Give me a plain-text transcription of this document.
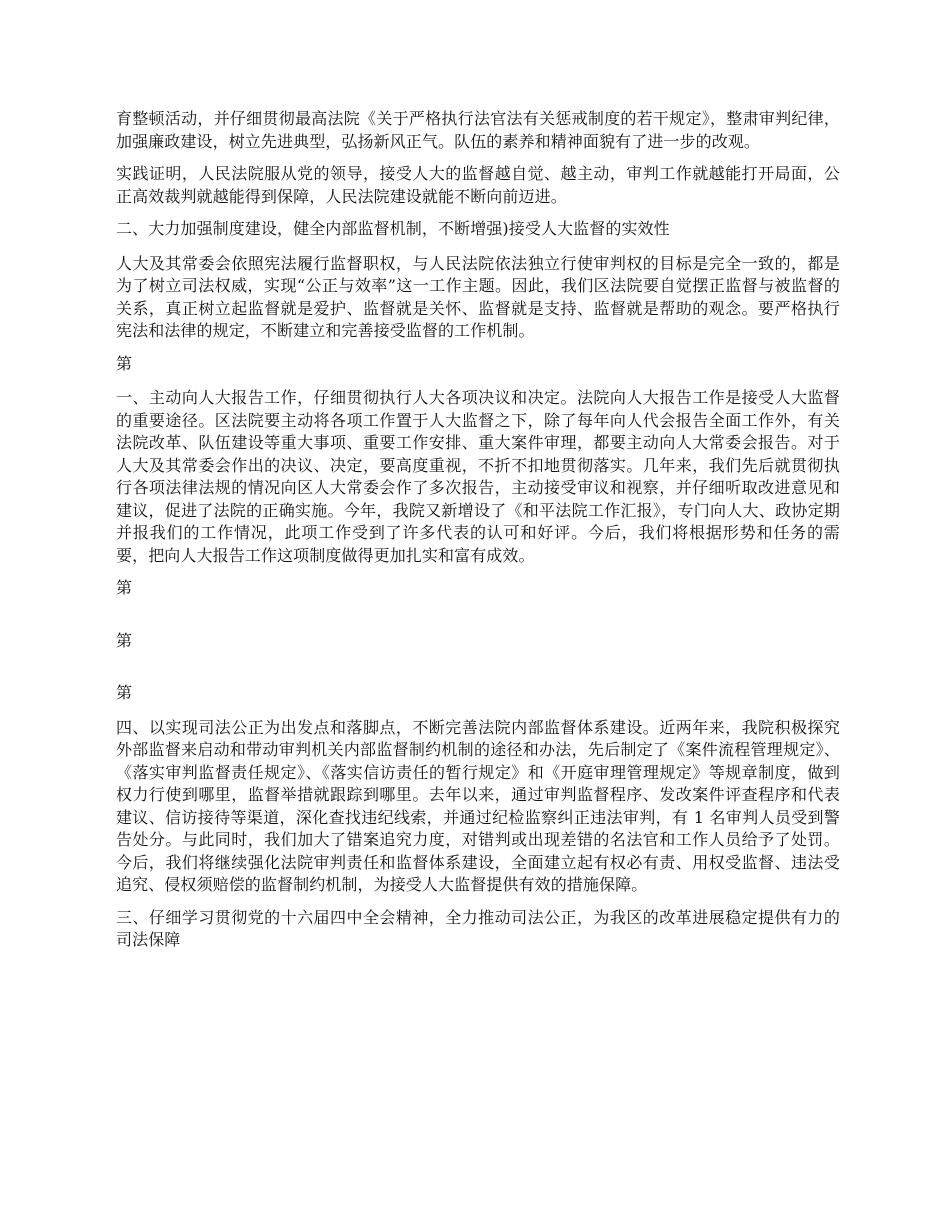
育整顿活动，并仔细贯彻最高法院《关于严格执行法官法有关惩戒制度的若干规定》，整肃审判纪律，加强廉政建设，树立先进典型，弘扬新风正气。队伍的素养和精神面貌有了进一步的改观。

实践证明，人民法院服从党的领导，接受人大的监督越自觉、越主动，审判工作就越能打开局面，公正高效裁判就越能得到保障，人民法院建设就能不断向前迈进。

二、大力加强制度建设，健全内部监督机制，不断增强)接受人大监督的实效性

人大及其常委会依照宪法履行监督职权，与人民法院依法独立行使审判权的目标是完全一致的，都是为了树立司法权威，实现“公正与效率”这一工作主题。因此，我们区法院要自觉摆正监督与被监督的关系，真正树立起监督就是爱护、监督就是关怀、监督就是支持、监督就是帮助的观念。要严格执行宪法和法律的规定，不断建立和完善接受监督的工作机制。

第

一、主动向人大报告工作，仔细贯彻执行人大各项决议和决定。法院向人大报告工作是接受人大监督的重要途径。区法院要主动将各项工作置于人大监督之下，除了每年向人代会报告全面工作外，有关法院改革、队伍建设等重大事项、重要工作安排、重大案件审理，都要主动向人大常委会报告。对于人大及其常委会作出的决议、决定，要高度重视，不折不扣地贯彻落实。几年来，我们先后就贯彻执行各项法律法规的情况向区人大常委会作了多次报告，主动接受审议和视察，并仔细听取改进意见和建议，促进了法院的正确实施。今年，我院又新增设了《和平法院工作汇报》，专门向人大、政协定期并报我们的工作情况，此项工作受到了许多代表的认可和好评。今后，我们将根据形势和任务的需要，把向人大报告工作这项制度做得更加扎实和富有成效。

第

第

第

四、以实现司法公正为出发点和落脚点，不断完善法院内部监督体系建设。近两年来，我院积极探究外部监督来启动和带动审判机关内部监督制约机制的途径和办法，先后制定了《案件流程管理规定》、《落实审判监督责任规定》、《落实信访责任的暂行规定》和《开庭审理管理规定》等规章制度，做到权力行使到哪里，监督举措就跟踪到哪里。去年以来，通过审判监督程序、发改案件评查程序和代表建议、信访接待等渠道，深化查找违纪线索，并通过纪检监察纠正违法审判，有 1 名审判人员受到警告处分。与此同时，我们加大了错案追究力度，对错判或出现差错的名法官和工作人员给予了处罚。今后，我们将继续强化法院审判责任和监督体系建设，全面建立起有权必有责、用权受监督、违法受追究、侵权须赔偿的监督制约机制，为接受人大监督提供有效的措施保障。

三、仔细学习贯彻党的十六届四中全会精神，全力推动司法公正，为我区的改革进展稳定提供有力的司法保障
